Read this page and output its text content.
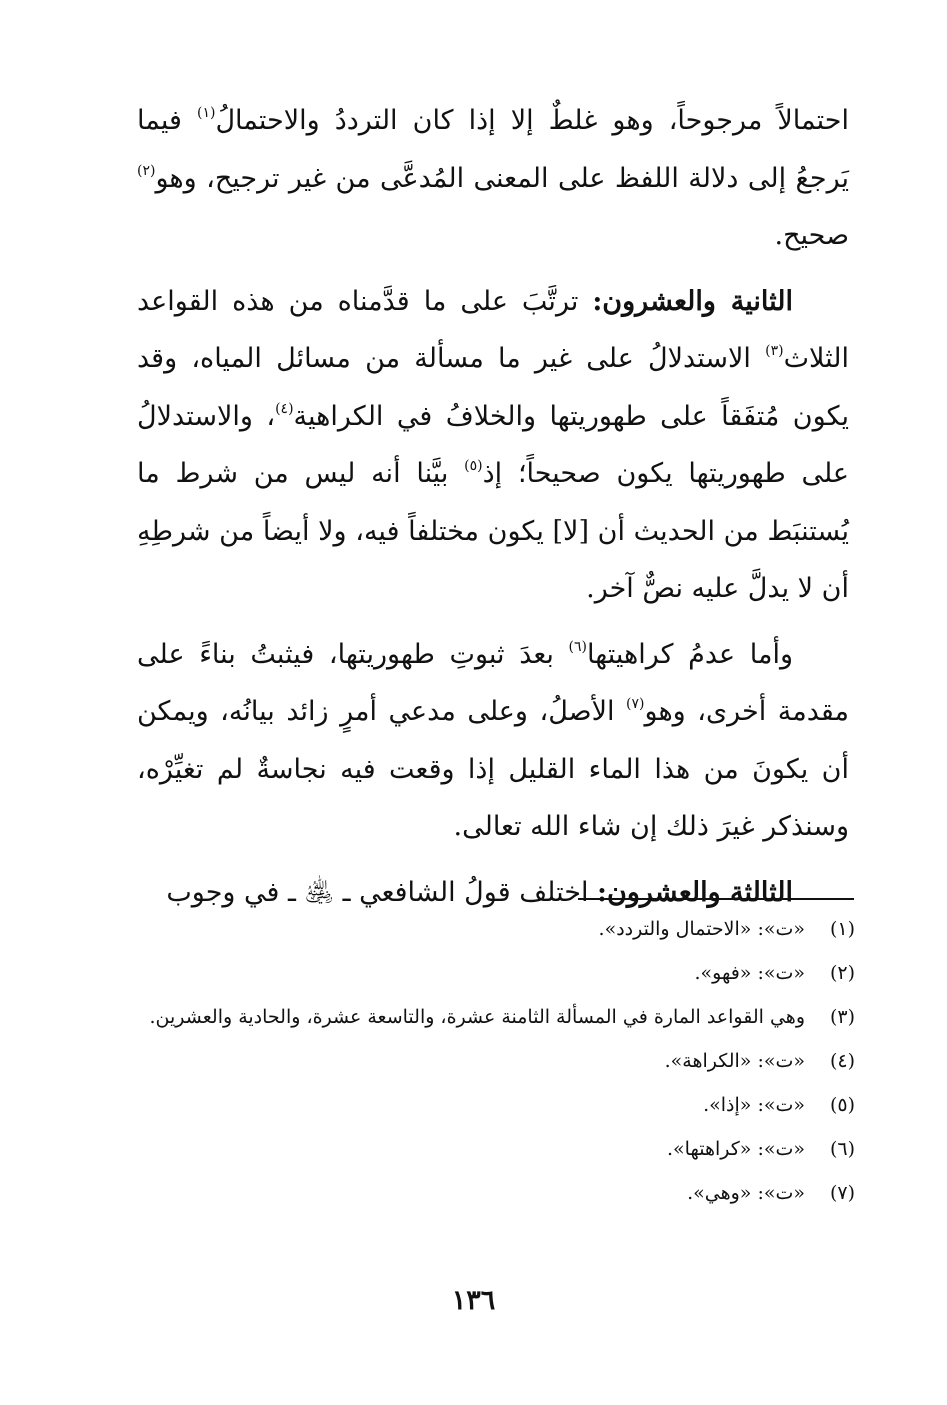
احتمالاً مرجوحاً، وهو غلطٌ إلا إذا كان الترددُ والاحتمالُ$^{(١)}$ فيما يَرجعُ إلى دلالة اللفظ على المعنى المُدعَّى من غير ترجيح، وهو$^{(٢)}$ صحيح.

الثانية والعشرون: ترتَّبَ على ما قدَّمناه من هذه القواعد الثلاث$^{(٣)}$ الاستدلالُ على غير ما مسألة من مسائل المياه، وقد يكون مُتفَقاً على طهوريتها والخلافُ في الكراهية$^{(٤)}$، والاستدلالُ على طهوريتها يكون صحيحاً؛ إذ$^{(٥)}$ بيَّنا أنه ليس من شرط ما يُستنبَط من الحديث أن [لا] يكون مختلفاً فيه، ولا أيضاً من شرطِهِ أن لا يدلَّ عليه نصٌّ آخر.

وأما عدمُ كراهيتها$^{(٦)}$ بعدَ ثبوتِ طهوريتها، فيثبتُ بناءً على مقدمة أخرى، وهو$^{(٧)}$ الأصلُ، وعلى مدعي أمرٍ زائد بيانُه، ويمكن أن يكونَ من هذا الماء القليل إذا وقعت فيه نجاسةٌ لم تغيِّرْه، وسنذكر غيرَ ذلك إن شاء الله تعالى.

الثالثة والعشرون: اختلف قولُ الشافعي ـ ﵁ ـ في وجوب

(١)
«ت»: «الاحتمال والتردد».
(٢)
«ت»: «فهو».
(٣)
وهي القواعد المارة في المسألة الثامنة عشرة، والتاسعة عشرة، والحادية والعشرين.
(٤)
«ت»: «الكراهة».
(٥)
«ت»: «إذا».
(٦)
«ت»: «كراهتها».
(٧)
«ت»: «وهي».
١٣٦
